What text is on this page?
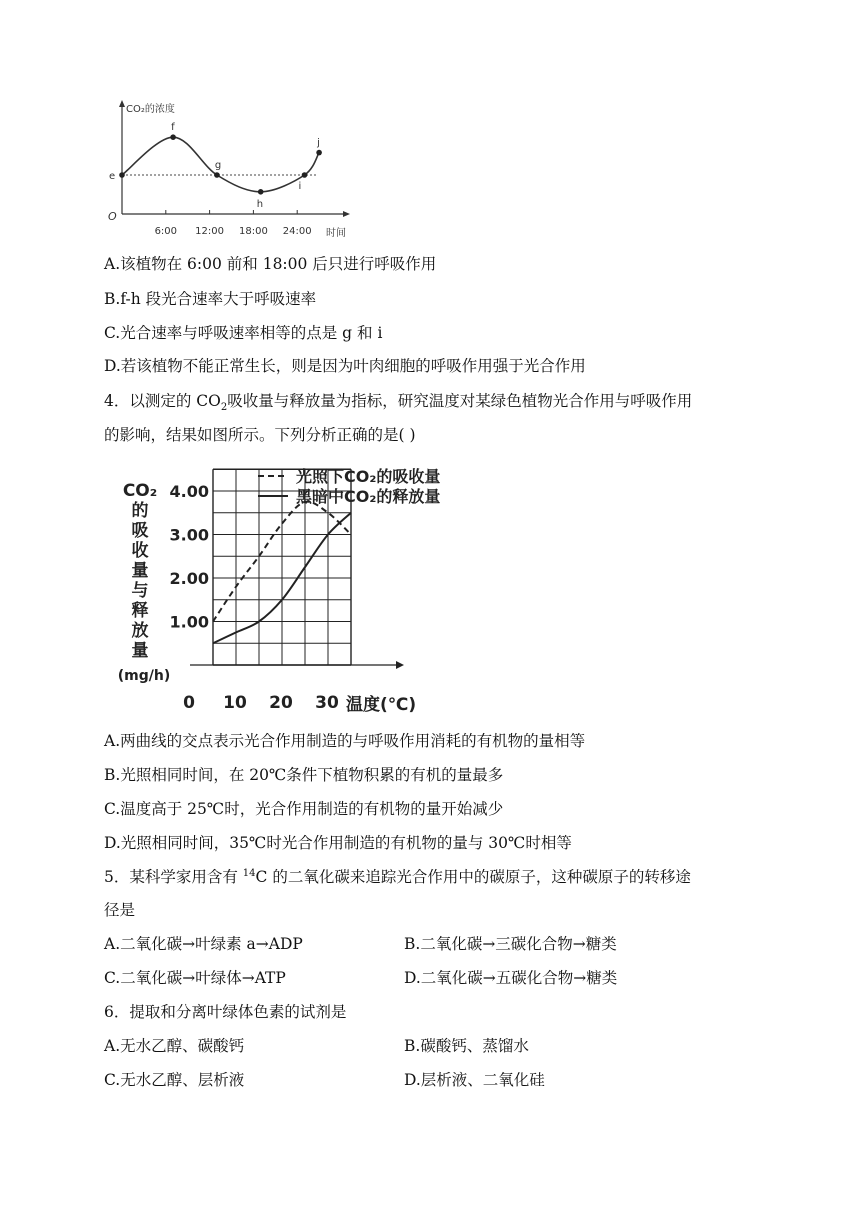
CO₂的浓度
O
时间
6:00 12:00 18:00 24:00
e
f
g
h
i
j
A.该植物在 6:00 前和 18:00 后只进行呼吸作用
B.f-h 段光合速率大于呼吸速率
C.光合速率与呼吸速率相等的点是 g 和 i
D.若该植物不能正常生长，则是因为叶肉细胞的呼吸作用强于光合作用
4．以测定的 $CO_2$吸收量与释放量为指标，研究温度对某绿色植物光合作用与呼吸作用
的影响，结果如图所示。下列分析正确的是( )
CO₂
的
吸
收
量
与
释
放
量
(mg/h)
1.00
2.00
3.00
4.00
0 10 20 30 温度(℃)
光照下CO₂的吸收量
黑暗中CO₂的释放量
A.两曲线的交点表示光合作用制造的与呼吸作用消耗的有机物的量相等
B.光照相同时间，在 20℃条件下植物积累的有机的量最多
C.温度高于 25℃时，光合作用制造的有机物的量开始减少
D.光照相同时间，35℃时光合作用制造的有机物的量与 30℃时相等
5．某科学家用含有 $^{14}$C 的二氧化碳来追踪光合作用中的碳原子，这种碳原子的转移途
径是
A.二氧化碳→叶绿素 a→ADP	B.二氧化碳→三碳化合物→糖类
C.二氧化碳→叶绿体→ATP	D.二氧化碳→五碳化合物→糖类
6．提取和分离叶绿体色素的试剂是
A.无水乙醇、碳酸钙	B.碳酸钙、蒸馏水
C.无水乙醇、层析液	D.层析液、二氧化硅
